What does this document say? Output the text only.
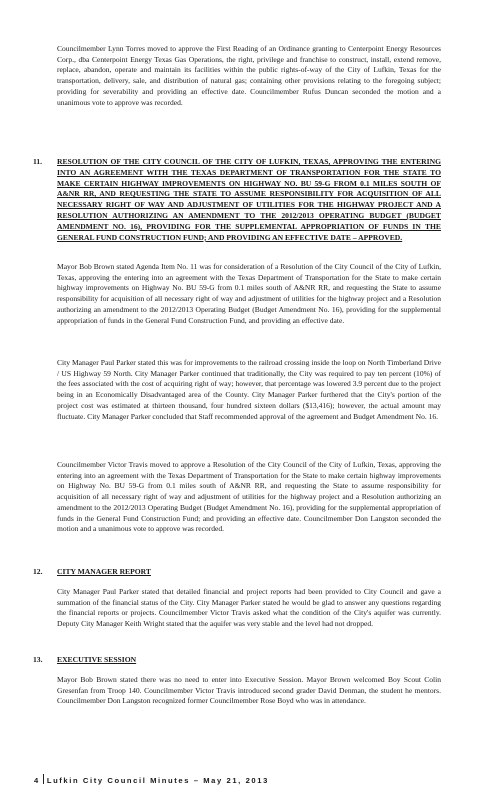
Councilmember Lynn Torres moved to approve the First Reading of an Ordinance granting to Centerpoint Energy Resources Corp., dba Centerpoint Energy Texas Gas Operations, the right, privilege and franchise to construct, install, extend remove, replace, abandon, operate and maintain its facilities within the public rights-of-way of the City of Lufkin, Texas for the transportation, delivery, sale, and distribution of natural gas; containing other provisions relating to the foregoing subject; providing for severability and providing an effective date. Councilmember Rufus Duncan seconded the motion and a unanimous vote to approve was recorded.

11. RESOLUTION OF THE CITY COUNCIL OF THE CITY OF LUFKIN, TEXAS, APPROVING THE ENTERING INTO AN AGREEMENT WITH THE TEXAS DEPARTMENT OF TRANSPORTATION FOR THE STATE TO MAKE CERTAIN HIGHWAY IMPROVEMENTS ON HIGHWAY NO. BU 59-G FROM 0.1 MILES SOUTH OF A&NR RR, AND REQUESTING THE STATE TO ASSUME RESPONSIBILITY FOR ACQUISITION OF ALL NECESSARY RIGHT OF WAY AND ADJUSTMENT OF UTILITIES FOR THE HIGHWAY PROJECT AND A RESOLUTION AUTHORIZING AN AMENDMENT TO THE 2012/2013 OPERATING BUDGET (BUDGET AMENDMENT NO. 16), PROVIDING FOR THE SUPPLEMENTAL APPROPRIATION OF FUNDS IN THE GENERAL FUND CONSTRUCTION FUND; AND PROVIDING AN EFFECTIVE DATE – APPROVED.

Mayor Bob Brown stated Agenda Item No. 11 was for consideration of a Resolution of the City Council of the City of Lufkin, Texas, approving the entering into an agreement with the Texas Department of Transportation for the State to make certain highway improvements on Highway No. BU 59-G from 0.1 miles south of A&NR RR, and requesting the State to assume responsibility for acquisition of all necessary right of way and adjustment of utilities for the highway project and a Resolution authorizing an amendment to the 2012/2013 Operating Budget (Budget Amendment No. 16), providing for the supplemental appropriation of funds in the General Fund Construction Fund, and providing an effective date.

City Manager Paul Parker stated this was for improvements to the railroad crossing inside the loop on North Timberland Drive / US Highway 59 North. City Manager Parker continued that traditionally, the City was required to pay ten percent (10%) of the fees associated with the cost of acquiring right of way; however, that percentage was lowered 3.9 percent due to the project being in an Economically Disadvantaged area of the County. City Manager Parker furthered that the City's portion of the project cost was estimated at thirteen thousand, four hundred sixteen dollars ($13,416); however, the actual amount may fluctuate. City Manager Parker concluded that Staff recommended approval of the agreement and Budget Amendment No. 16.

Councilmember Victor Travis moved to approve a Resolution of the City Council of the City of Lufkin, Texas, approving the entering into an agreement with the Texas Department of Transportation for the State to make certain highway improvements on Highway No. BU 59-G from 0.1 miles south of A&NR RR, and requesting the State to assume responsibility for acquisition of all necessary right of way and adjustment of utilities for the highway project and a Resolution authorizing an amendment to the 2012/2013 Operating Budget (Budget Amendment No. 16), providing for the supplemental appropriation of funds in the General Fund Construction Fund; and providing an effective date. Councilmember Don Langston seconded the motion and a unanimous vote to approve was recorded.

12. CITY MANAGER REPORT

City Manager Paul Parker stated that detailed financial and project reports had been provided to City Council and gave a summation of the financial status of the City. City Manager Parker stated he would be glad to answer any questions regarding the financial reports or projects. Councilmember Victor Travis asked what the condition of the City's aquifer was currently. Deputy City Manager Keith Wright stated that the aquifer was very stable and the level had not dropped.

13. EXECUTIVE SESSION

Mayor Bob Brown stated there was no need to enter into Executive Session. Mayor Brown welcomed Boy Scout Colin Gresenfan from Troop 140. Councilmember Victor Travis introduced second grader David Denman, the student he mentors. Councilmember Don Langston recognized former Councilmember Rose Boyd who was in attendance.

4 Lufkin City Council Minutes – May 21, 2013
